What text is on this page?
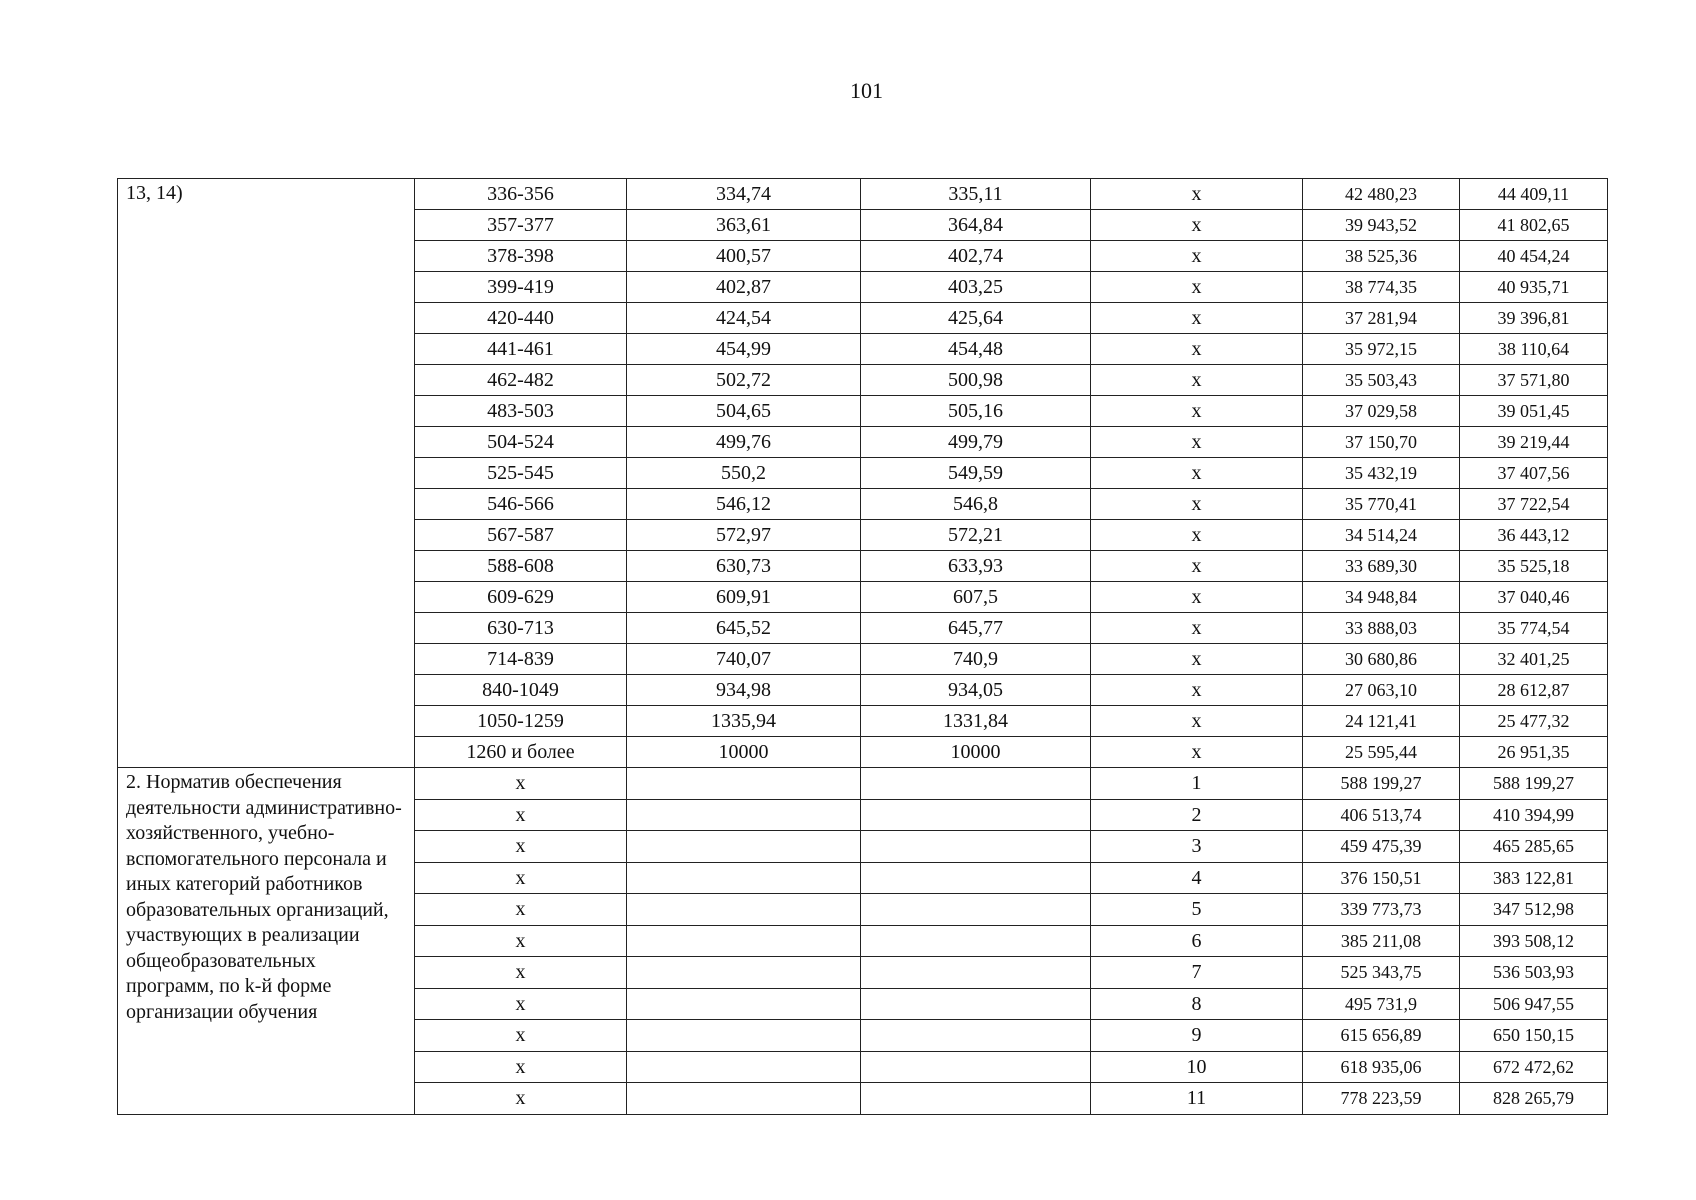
101
13, 14)	336-356	334,74	335,11	x	42 480,23	44 409,11
	357-377	363,61	364,84	x	39 943,52	41 802,65
	378-398	400,57	402,74	x	38 525,36	40 454,24
	399-419	402,87	403,25	x	38 774,35	40 935,71
	420-440	424,54	425,64	x	37 281,94	39 396,81
	441-461	454,99	454,48	x	35 972,15	38 110,64
	462-482	502,72	500,98	x	35 503,43	37 571,80
	483-503	504,65	505,16	x	37 029,58	39 051,45
	504-524	499,76	499,79	x	37 150,70	39 219,44
	525-545	550,2	549,59	x	35 432,19	37 407,56
	546-566	546,12	546,8	x	35 770,41	37 722,54
	567-587	572,97	572,21	x	34 514,24	36 443,12
	588-608	630,73	633,93	x	33 689,30	35 525,18
	609-629	609,91	607,5	x	34 948,84	37 040,46
	630-713	645,52	645,77	x	33 888,03	35 774,54
	714-839	740,07	740,9	x	30 680,86	32 401,25
	840-1049	934,98	934,05	x	27 063,10	28 612,87
	1050-1259	1335,94	1331,84	x	24 121,41	25 477,32
	1260 и более	10000	10000	x	25 595,44	26 951,35
2. Норматив обеспечения деятельности административно-хозяйственного, учебно-вспомогательного персонала и иных категорий работников образовательных организаций, участвующих в реализации общеобразовательных программ, по k-й форме организации обучения	x			1	588 199,27	588 199,27
	x			2	406 513,74	410 394,99
	x			3	459 475,39	465 285,65
	x			4	376 150,51	383 122,81
	x			5	339 773,73	347 512,98
	x			6	385 211,08	393 508,12
	x			7	525 343,75	536 503,93
	x			8	495 731,9	506 947,55
	x			9	615 656,89	650 150,15
	x			10	618 935,06	672 472,62
	x			11	778 223,59	828 265,79
